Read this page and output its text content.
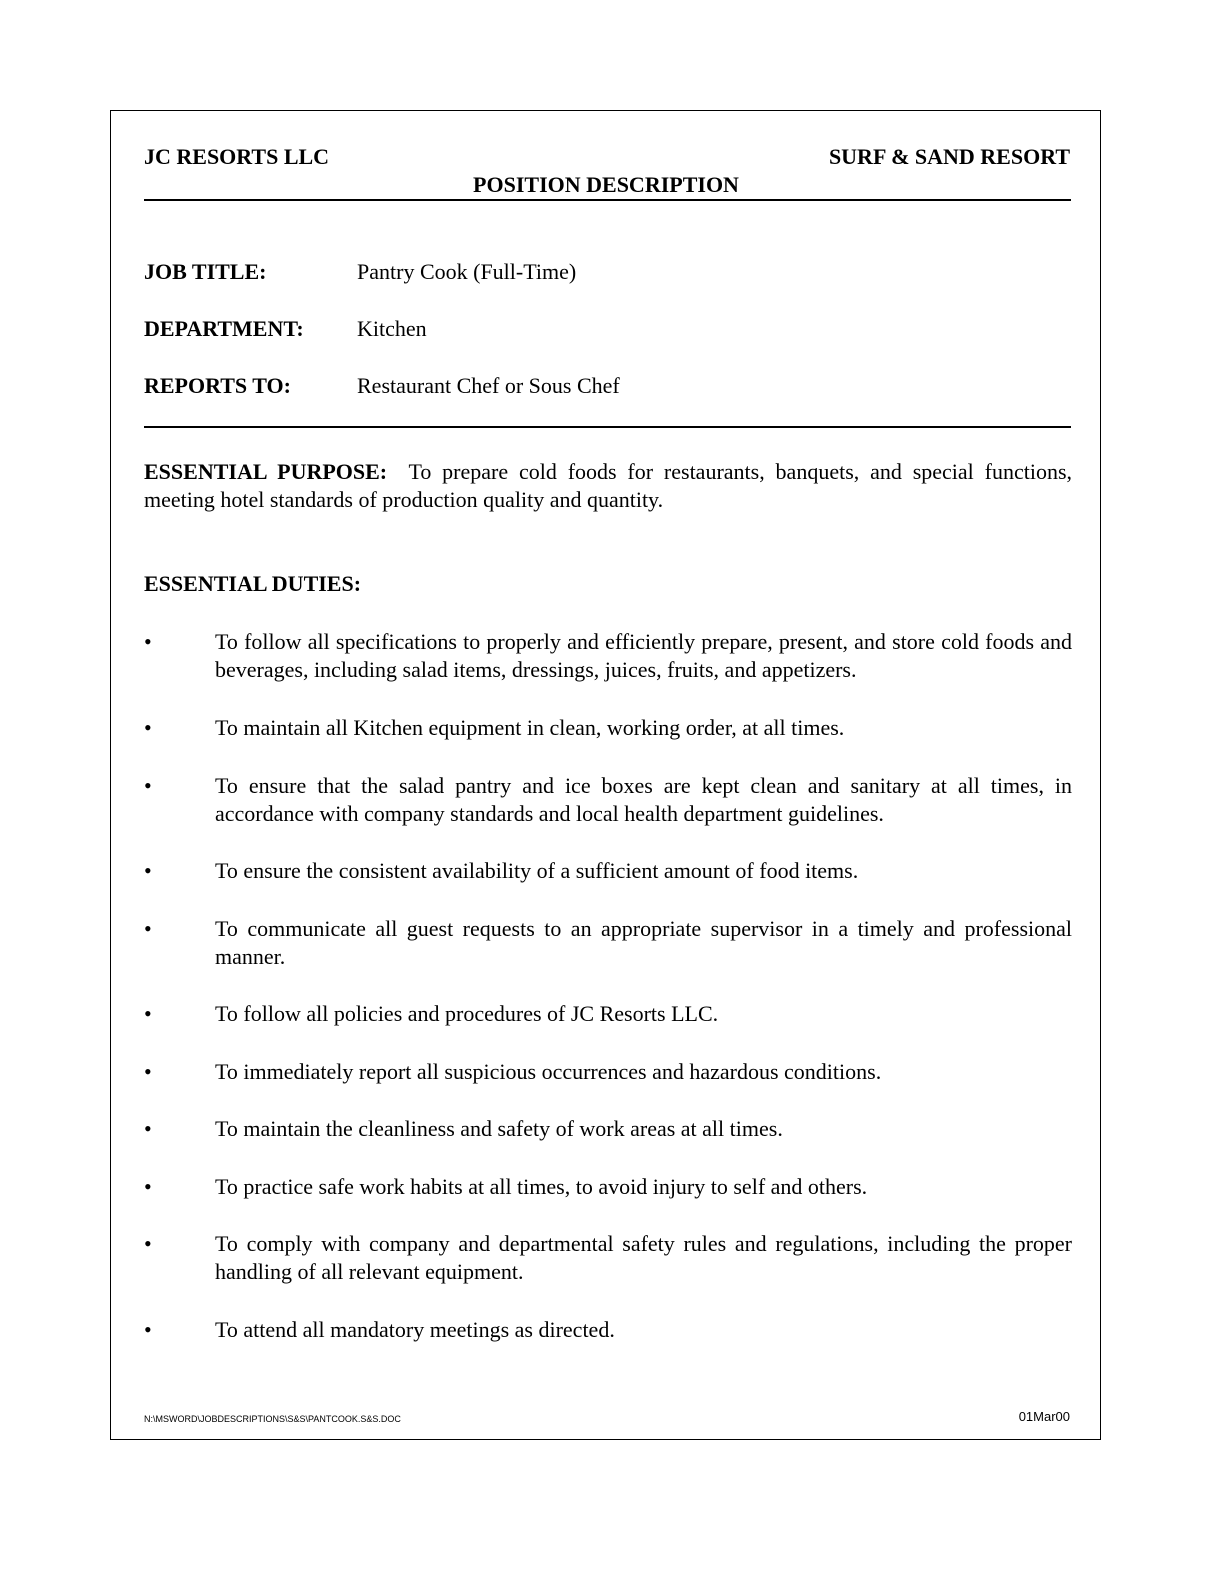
JC RESORTS LLC	SURF & SAND RESORT
POSITION DESCRIPTION
JOB TITLE:	Pantry Cook (Full-Time)
DEPARTMENT: Kitchen
REPORTS TO:	Restaurant Chef or Sous Chef
ESSENTIAL PURPOSE: To prepare cold foods for restaurants, banquets, and special functions, meeting hotel standards of production quality and quantity.
ESSENTIAL DUTIES:
•	To follow all specifications to properly and efficiently prepare, present, and store cold foods and beverages, including salad items, dressings, juices, fruits, and appetizers.
•	To maintain all Kitchen equipment in clean, working order, at all times.
•	To ensure that the salad pantry and ice boxes are kept clean and sanitary at all times, in accordance with company standards and local health department guidelines.
•	To ensure the consistent availability of a sufficient amount of food items.
•	To communicate all guest requests to an appropriate supervisor in a timely and professional manner.
•	To follow all policies and procedures of JC Resorts LLC.
•	To immediately report all suspicious occurrences and hazardous conditions.
•	To maintain the cleanliness and safety of work areas at all times.
•	To practice safe work habits at all times, to avoid injury to self and others.
•	To comply with company and departmental safety rules and regulations, including the proper handling of all relevant equipment.
•	To attend all mandatory meetings as directed.
N:\MSWORD\JOBDESCRIPTIONS\S&S\PANTCOOK.S&S.DOC	01Mar00
